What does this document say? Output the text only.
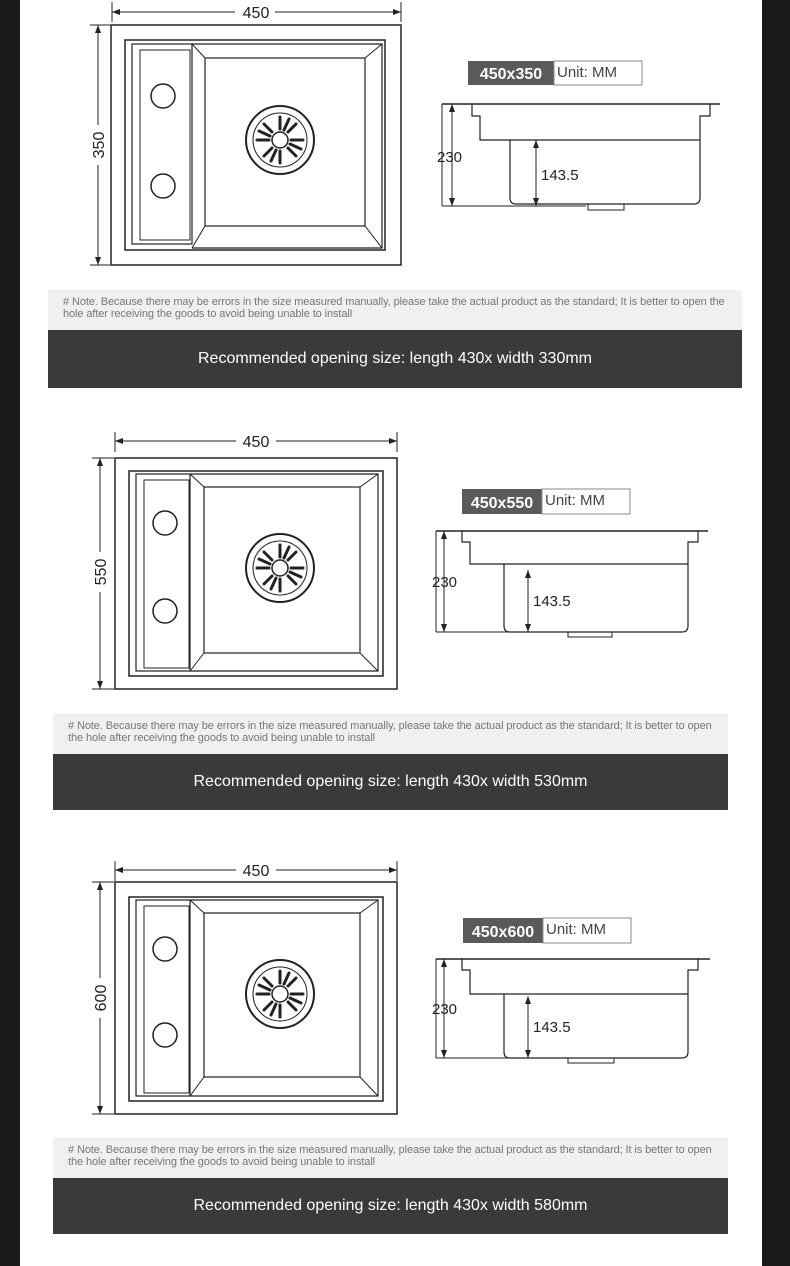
450
350
450x350 Unit: MM
230
143.5
# Note. Because there may be errors in the size measured manually, please take the actual product as the standard; It is better to open the hole after receiving the goods to avoid being unable to install
Recommended opening size: length 430x width 330mm
450
550
450x550 Unit: MM
230
143.5
# Note. Because there may be errors in the size measured manually, please take the actual product as the standard; It is better to open the hole after receiving the goods to avoid being unable to install
Recommended opening size: length 430x width 530mm
450
600
450x600 Unit: MM
230
143.5
# Note. Because there may be errors in the size measured manually, please take the actual product as the standard; It is better to open the hole after receiving the goods to avoid being unable to install
Recommended opening size: length 430x width 580mm
